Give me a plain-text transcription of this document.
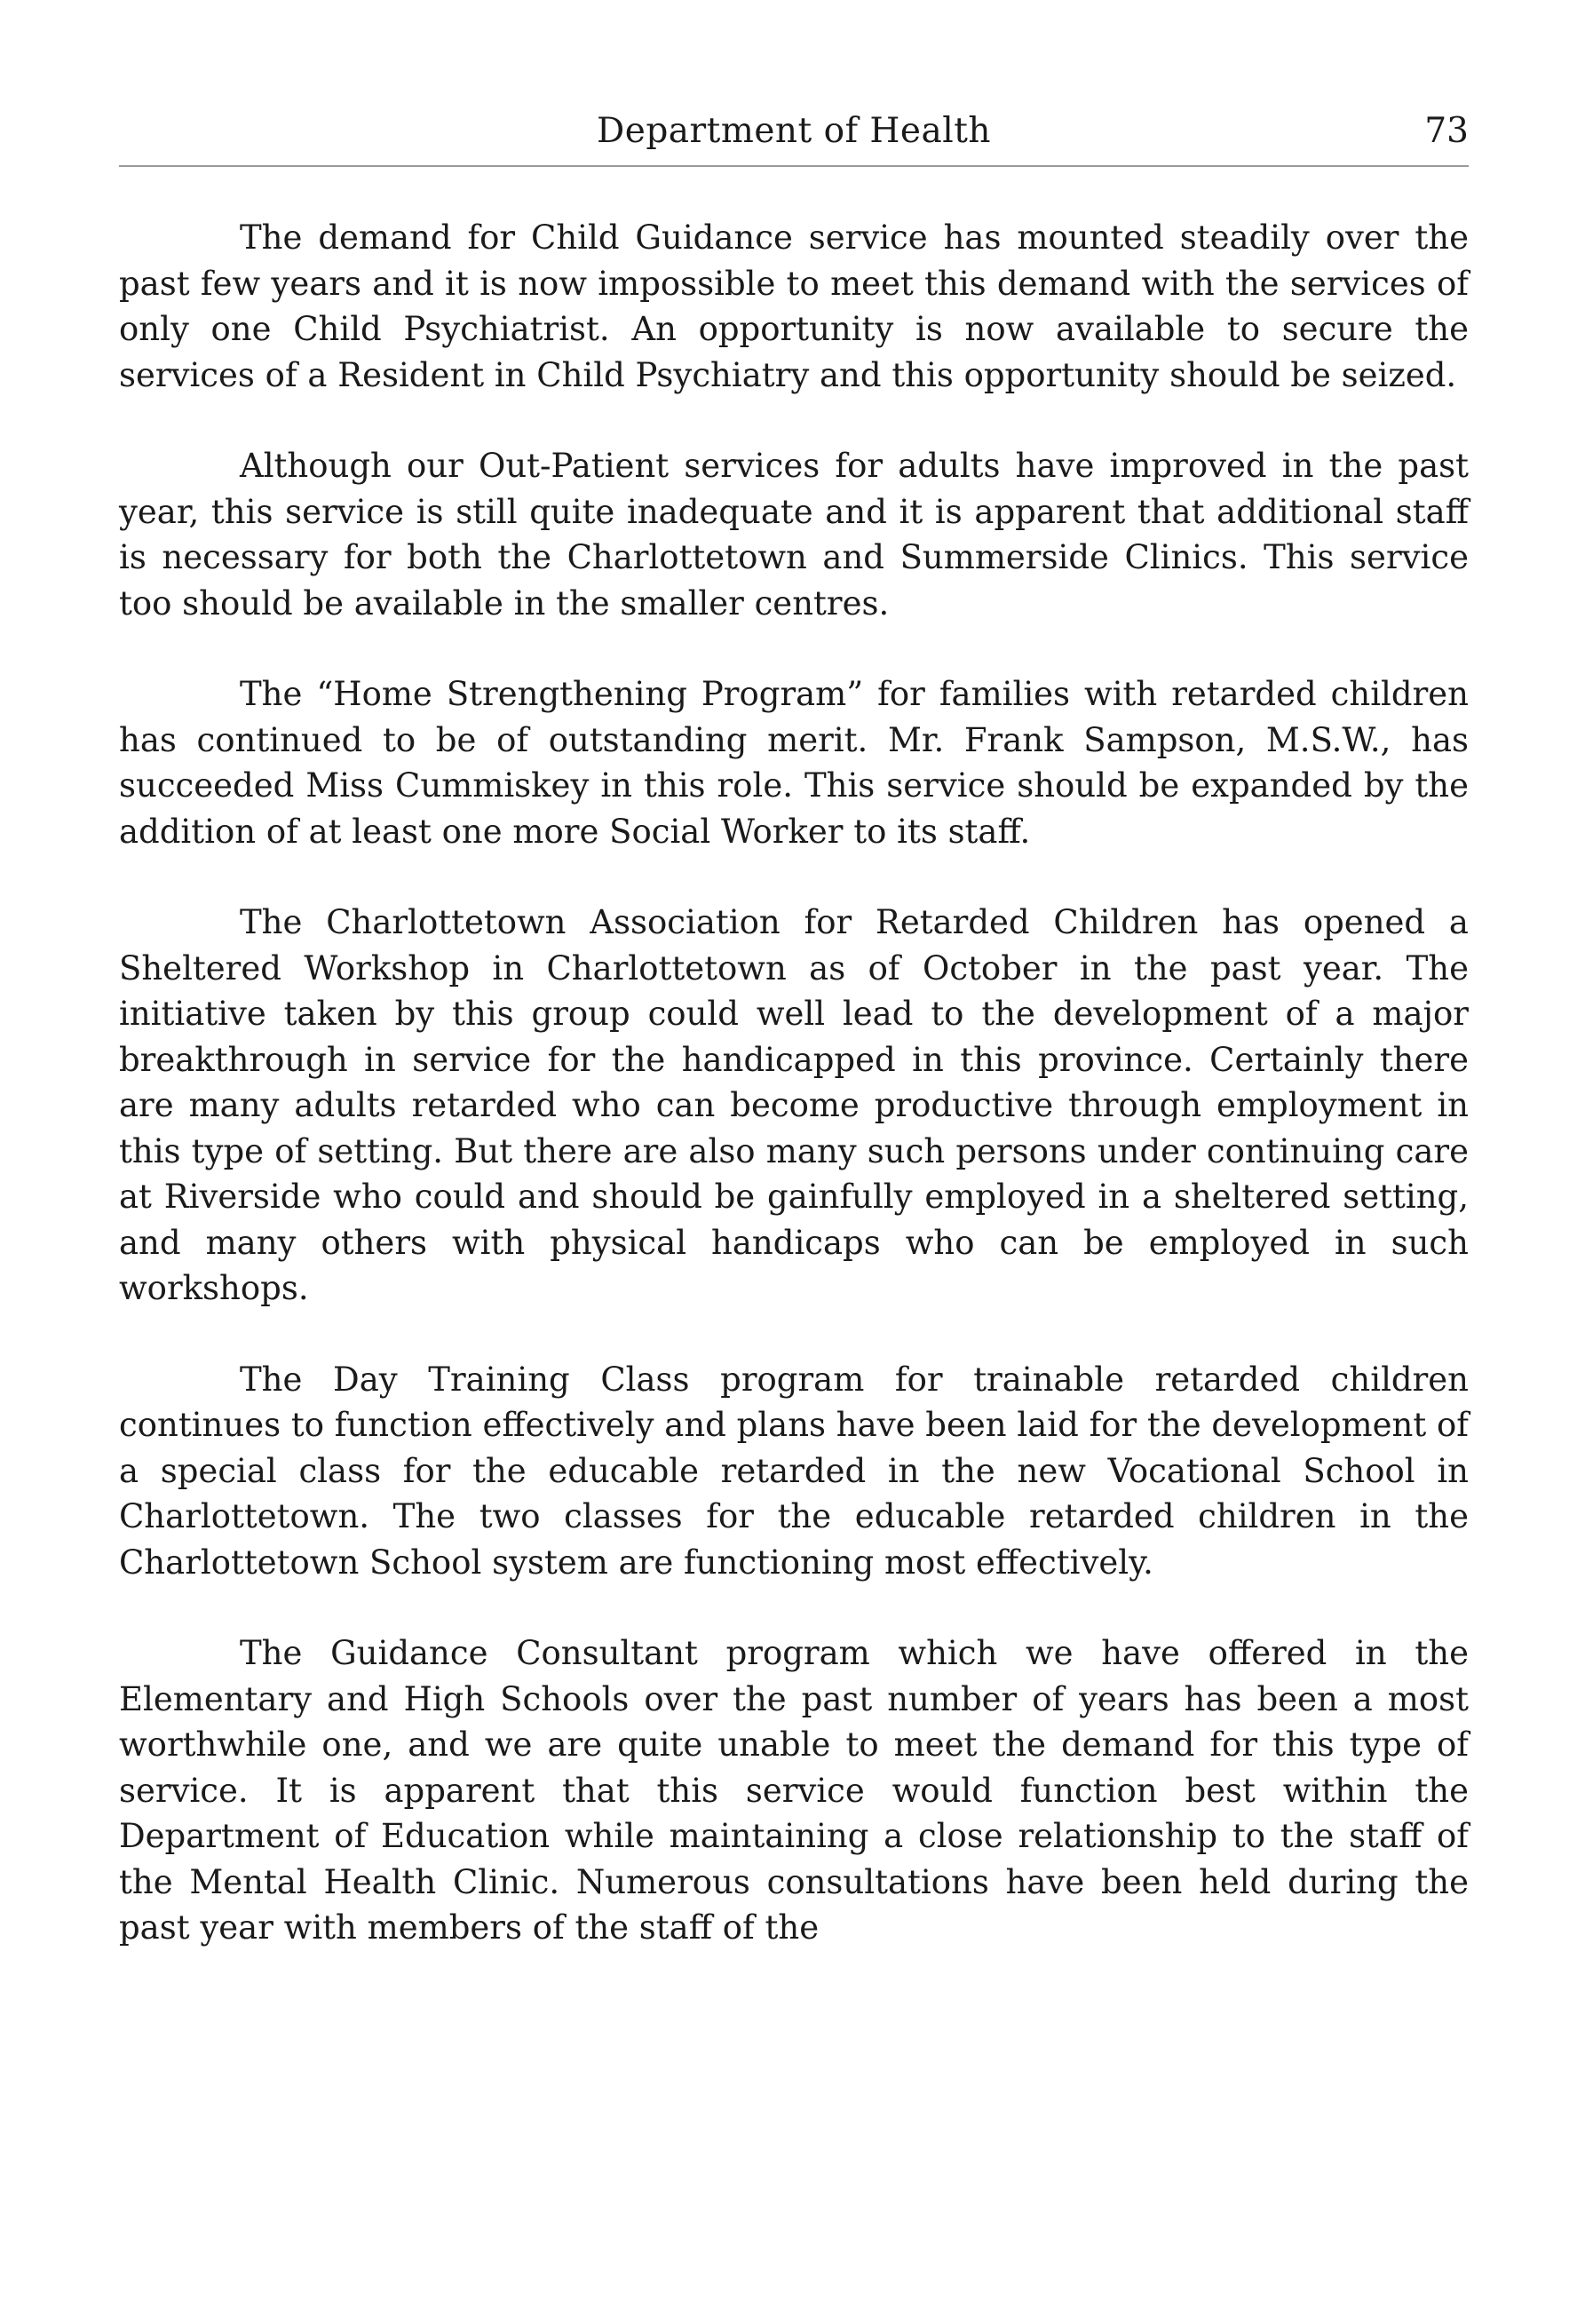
Department of Health	73

The demand for Child Guidance service has mounted steadily over the past few years and it is now impossible to meet this demand with the services of only one Child Psychiatrist. An opportunity is now available to secure the services of a Resident in Child Psychiatry and this opportunity should be seized.

Although our Out-Patient services for adults have improved in the past year, this service is still quite inadequate and it is apparent that additional staff is necessary for both the Charlottetown and Summerside Clinics. This service too should be available in the smaller centres.

The “Home Strengthening Program” for families with retarded children has continued to be of outstanding merit. Mr. Frank Sampson, M.S.W., has succeeded Miss Cummiskey in this role. This service should be expanded by the addition of at least one more Social Worker to its staff.

The Charlottetown Association for Retarded Children has opened a Sheltered Workshop in Charlottetown as of October in the past year. The initiative taken by this group could well lead to the development of a major breakthrough in service for the handicapped in this province. Certainly there are many adults retarded who can become productive through employment in this type of setting. But there are also many such persons under continuing care at Riverside who could and should be gainfully employed in a sheltered setting, and many others with physical handicaps who can be employed in such workshops.

The Day Training Class program for trainable retarded children continues to function effectively and plans have been laid for the development of a special class for the educable retarded in the new Vocational School in Charlottetown. The two classes for the educable retarded children in the Charlottetown School system are functioning most effectively.

The Guidance Consultant program which we have offered in the Elementary and High Schools over the past number of years has been a most worthwhile one, and we are quite unable to meet the demand for this type of service. It is apparent that this service would function best within the Department of Education while maintaining a close relationship to the staff of the Mental Health Clinic. Numerous consultations have been held during the past year with members of the staff of the
